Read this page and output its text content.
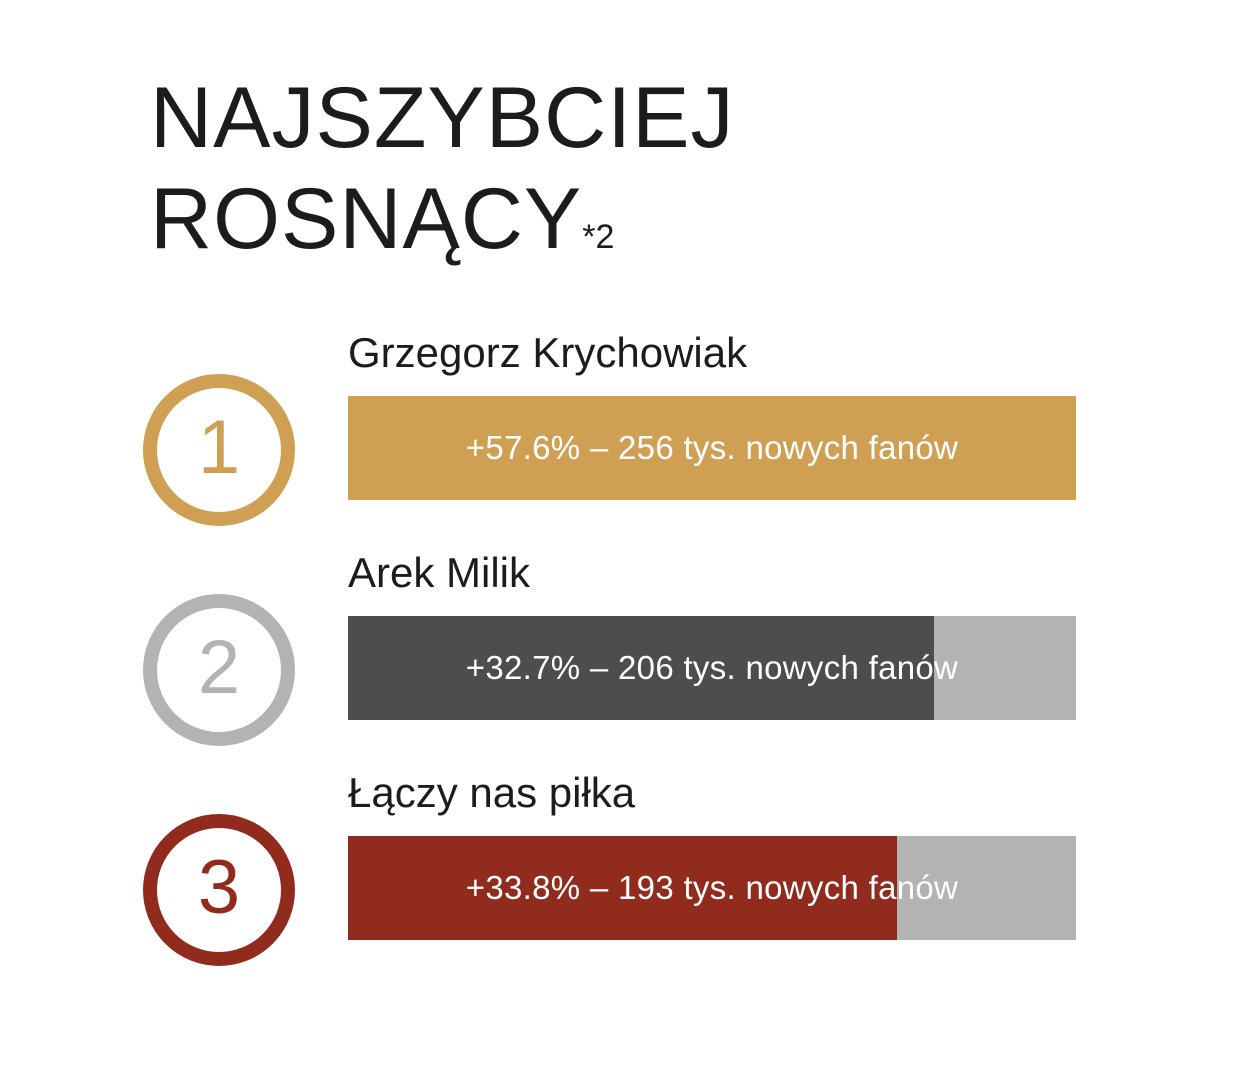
NAJSZYBCIEJ
ROSNĄCY*2
1
Grzegorz Krychowiak
+57.6% – 256 tys. nowych fanów
2
Arek Milik
+32.7% – 206 tys. nowych fanów
3
Łączy nas piłka
+33.8% – 193 tys. nowych fanów
